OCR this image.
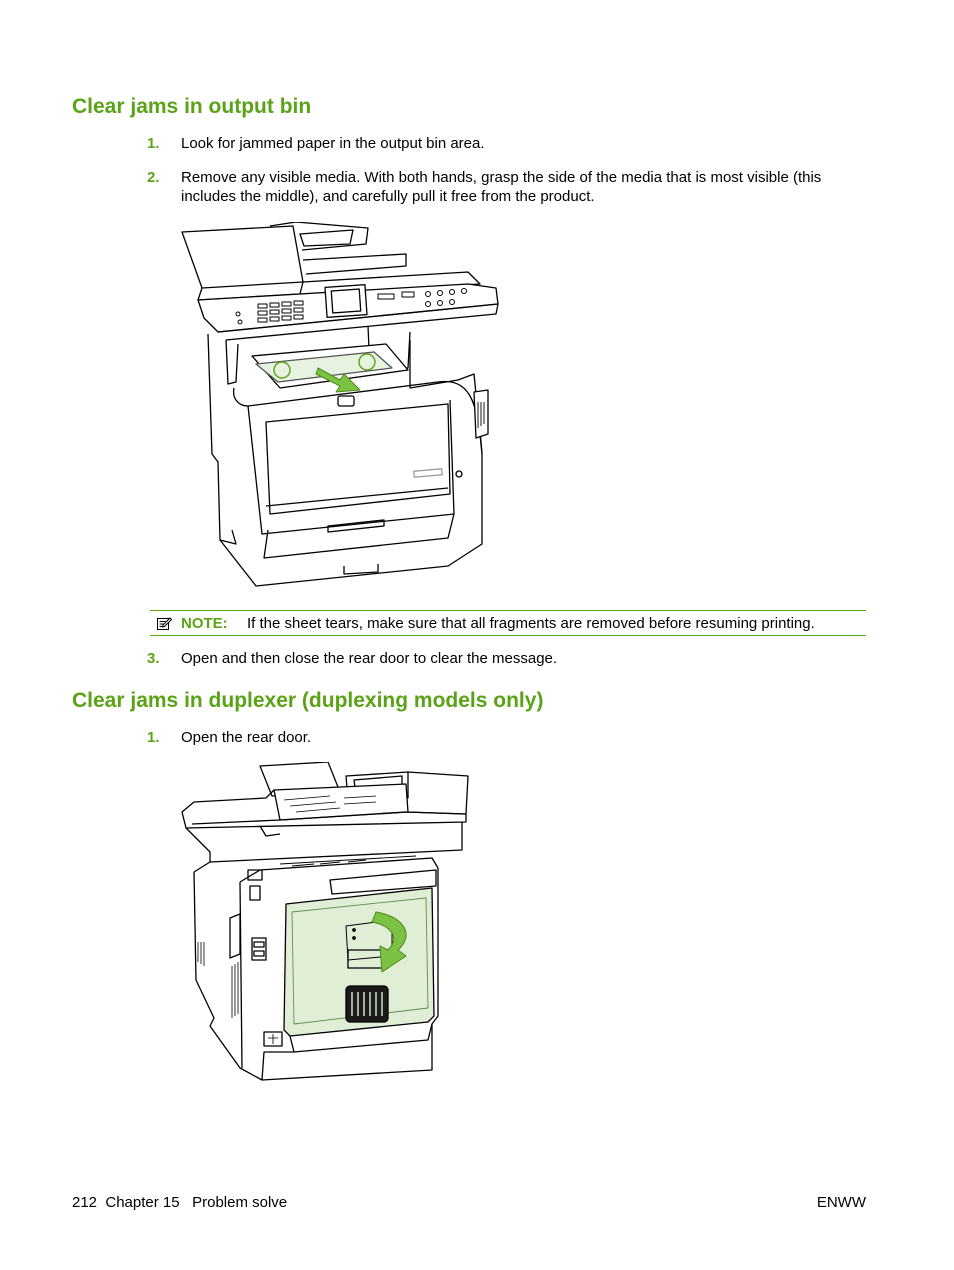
Clear jams in output bin
1. Look for jammed paper in the output bin area.
2. Remove any visible media. With both hands, grasp the side of the media that is most visible (this includes the middle), and carefully pull it free from the product.
NOTE: If the sheet tears, make sure that all fragments are removed before resuming printing.
3. Open and then close the rear door to clear the message.
Clear jams in duplexer (duplexing models only)
1. Open the rear door.
212 Chapter 15 Problem solve	ENWW
